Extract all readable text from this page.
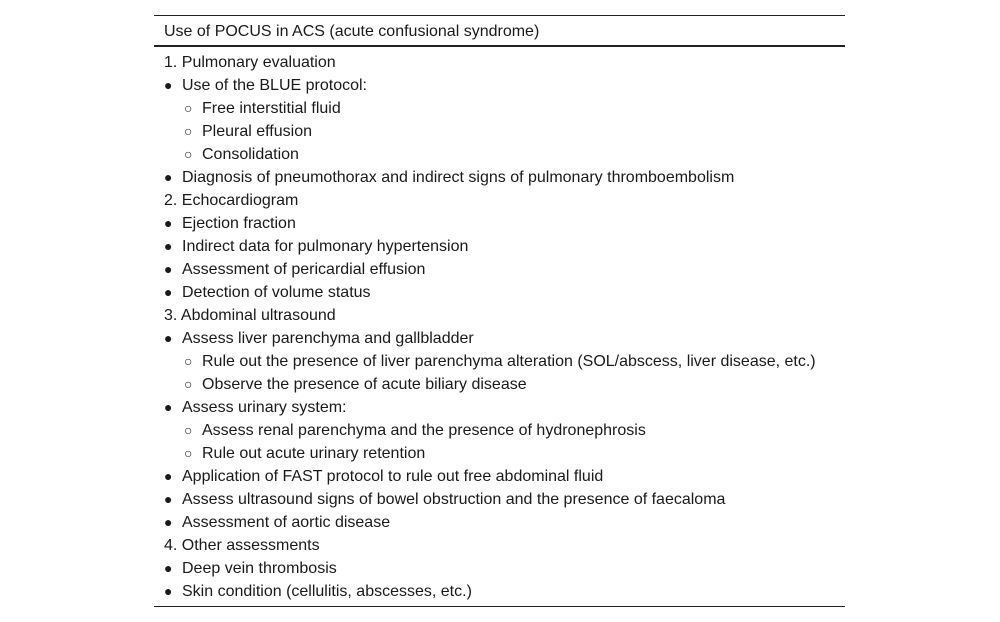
Use of POCUS in ACS (acute confusional syndrome)
1. Pulmonary evaluation
● Use of the BLUE protocol:
○ Free interstitial fluid
○ Pleural effusion
○ Consolidation
● Diagnosis of pneumothorax and indirect signs of pulmonary thromboembolism
2. Echocardiogram
● Ejection fraction
● Indirect data for pulmonary hypertension
● Assessment of pericardial effusion
● Detection of volume status
3. Abdominal ultrasound
● Assess liver parenchyma and gallbladder
○ Rule out the presence of liver parenchyma alteration (SOL/abscess, liver disease, etc.)
○ Observe the presence of acute biliary disease
● Assess urinary system:
○ Assess renal parenchyma and the presence of hydronephrosis
○ Rule out acute urinary retention
● Application of FAST protocol to rule out free abdominal fluid
● Assess ultrasound signs of bowel obstruction and the presence of faecaloma
● Assessment of aortic disease
4. Other assessments
● Deep vein thrombosis
● Skin condition (cellulitis, abscesses, etc.)
